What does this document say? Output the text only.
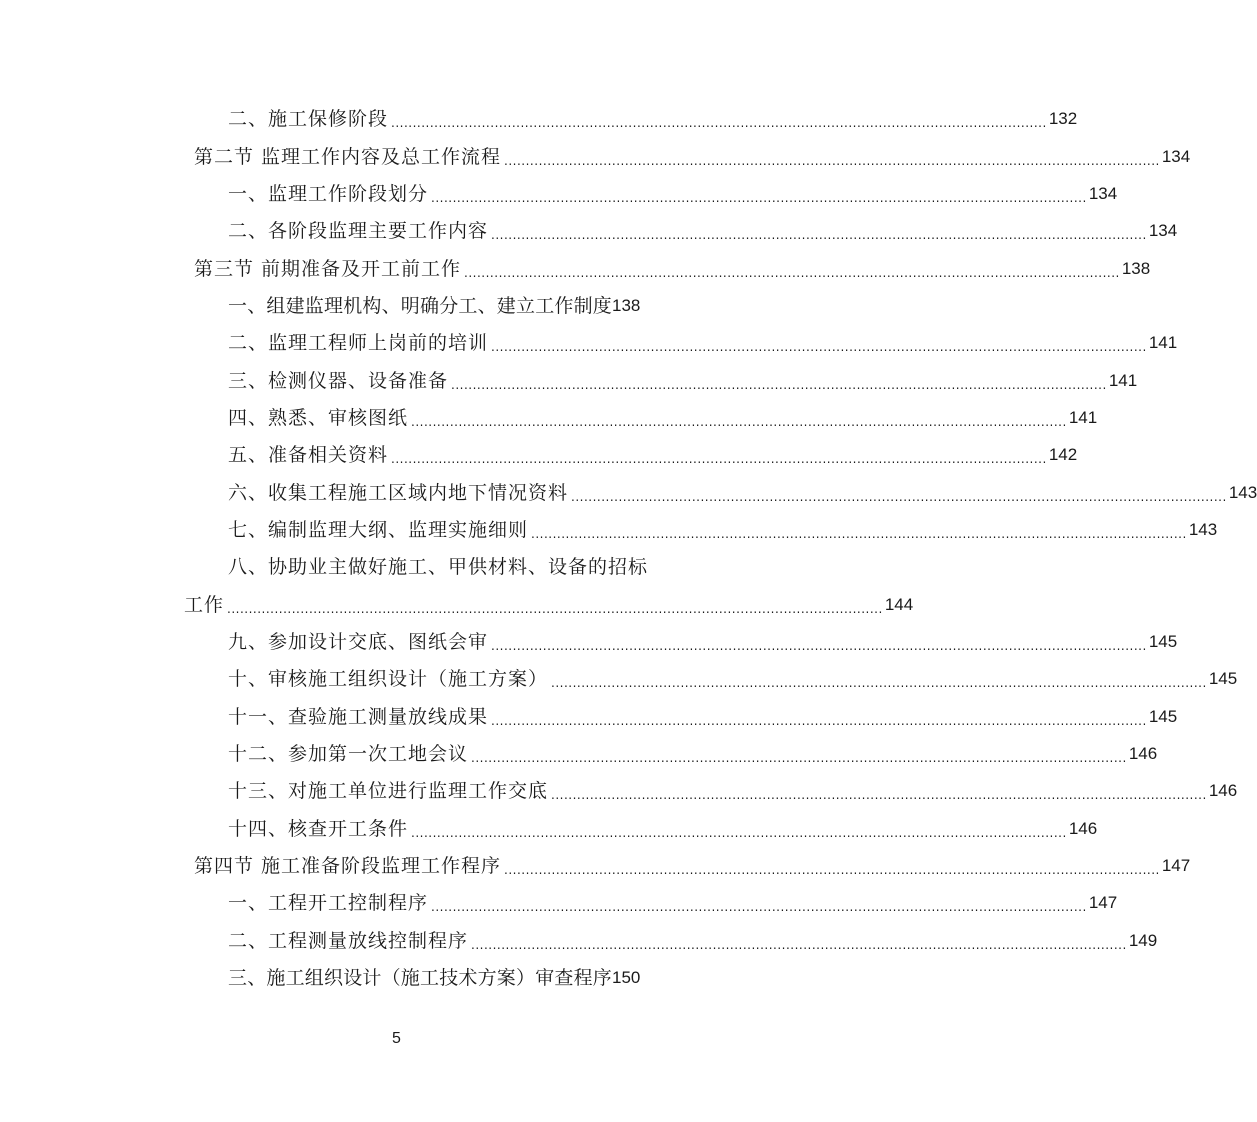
二、施工保修阶段 ........................................................................................................................................................ 132
第二节 监理工作内容及总工作流程 ........................................................................................................................................................ 134
一、监理工作阶段划分 ........................................................................................................................................................ 134
二、各阶段监理主要工作内容 ........................................................................................................................................................ 134
第三节 前期准备及开工前工作 ........................................................................................................................................................ 138
一、组建监理机构、明确分工、建立工作制度 138
二、监理工程师上岗前的培训 ........................................................................................................................................................ 141
三、检测仪器、设备准备 ........................................................................................................................................................ 141
四、熟悉、审核图纸 ........................................................................................................................................................ 141
五、准备相关资料 ........................................................................................................................................................ 142
六、收集工程施工区域内地下情况资料 ........................................................................................................................................................ 143
七、编制监理大纲、监理实施细则 ........................................................................................................................................................ 143
八、协助业主做好施工、甲供材料、设备的招标
工作 ........................................................................................................................................................ 144
九、参加设计交底、图纸会审 ........................................................................................................................................................ 145
十、审核施工组织设计（施工方案） ........................................................................................................................................................ 145
十一、查验施工测量放线成果 ........................................................................................................................................................ 145
十二、参加第一次工地会议 ........................................................................................................................................................ 146
十三、对施工单位进行监理工作交底 ........................................................................................................................................................ 146
十四、核查开工条件 ........................................................................................................................................................ 146
第四节 施工准备阶段监理工作程序 ........................................................................................................................................................ 147
一、工程开工控制程序 ........................................................................................................................................................ 147
二、工程测量放线控制程序 ........................................................................................................................................................ 149
三、施工组织设计（施工技术方案）审查程序 150
5
